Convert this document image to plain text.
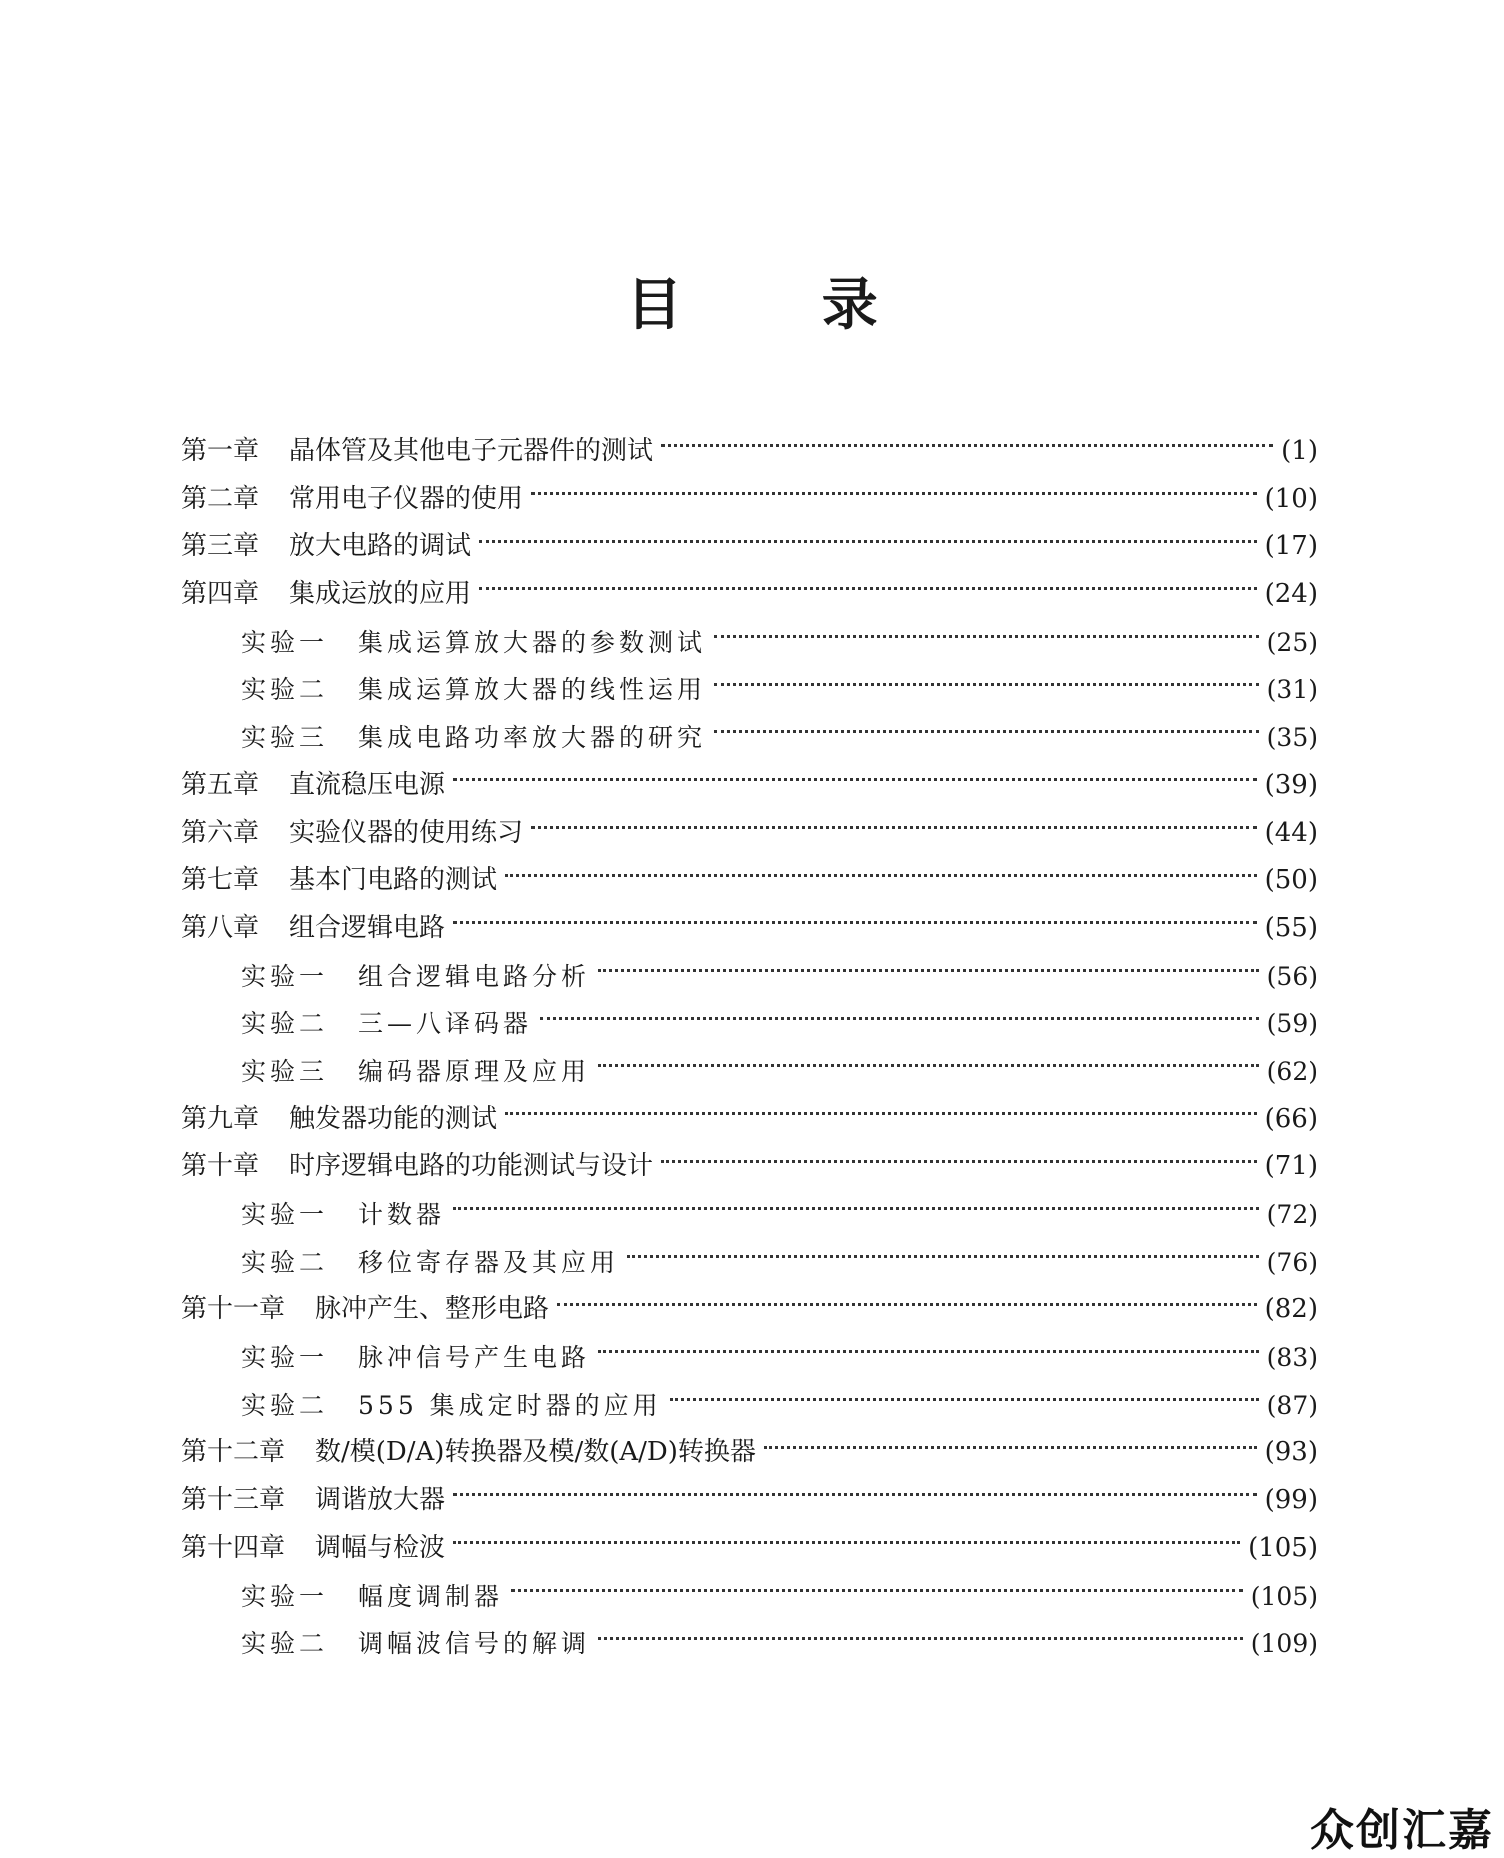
目 录
第一章 晶体管及其他电子元器件的测试	(1)
第二章 常用电子仪器的使用	(10)
第三章 放大电路的调试	(17)
第四章 集成运放的应用	(24)
实验一 集成运算放大器的参数测试	(25)
实验二 集成运算放大器的线性运用	(31)
实验三 集成电路功率放大器的研究	(35)
第五章 直流稳压电源	(39)
第六章 实验仪器的使用练习	(44)
第七章 基本门电路的测试	(50)
第八章 组合逻辑电路	(55)
实验一 组合逻辑电路分析	(56)
实验二 三—八译码器	(59)
实验三 编码器原理及应用	(62)
第九章 触发器功能的测试	(66)
第十章 时序逻辑电路的功能测试与设计	(71)
实验一 计数器	(72)
实验二 移位寄存器及其应用	(76)
第十一章 脉冲产生、整形电路	(82)
实验一 脉冲信号产生电路	(83)
实验二 555 集成定时器的应用	(87)
第十二章 数/模(D/A)转换器及模/数(A/D)转换器	(93)
第十三章 调谐放大器	(99)
第十四章 调幅与检波	(105)
实验一 幅度调制器	(105)
实验二 调幅波信号的解调	(109)
众创汇嘉
